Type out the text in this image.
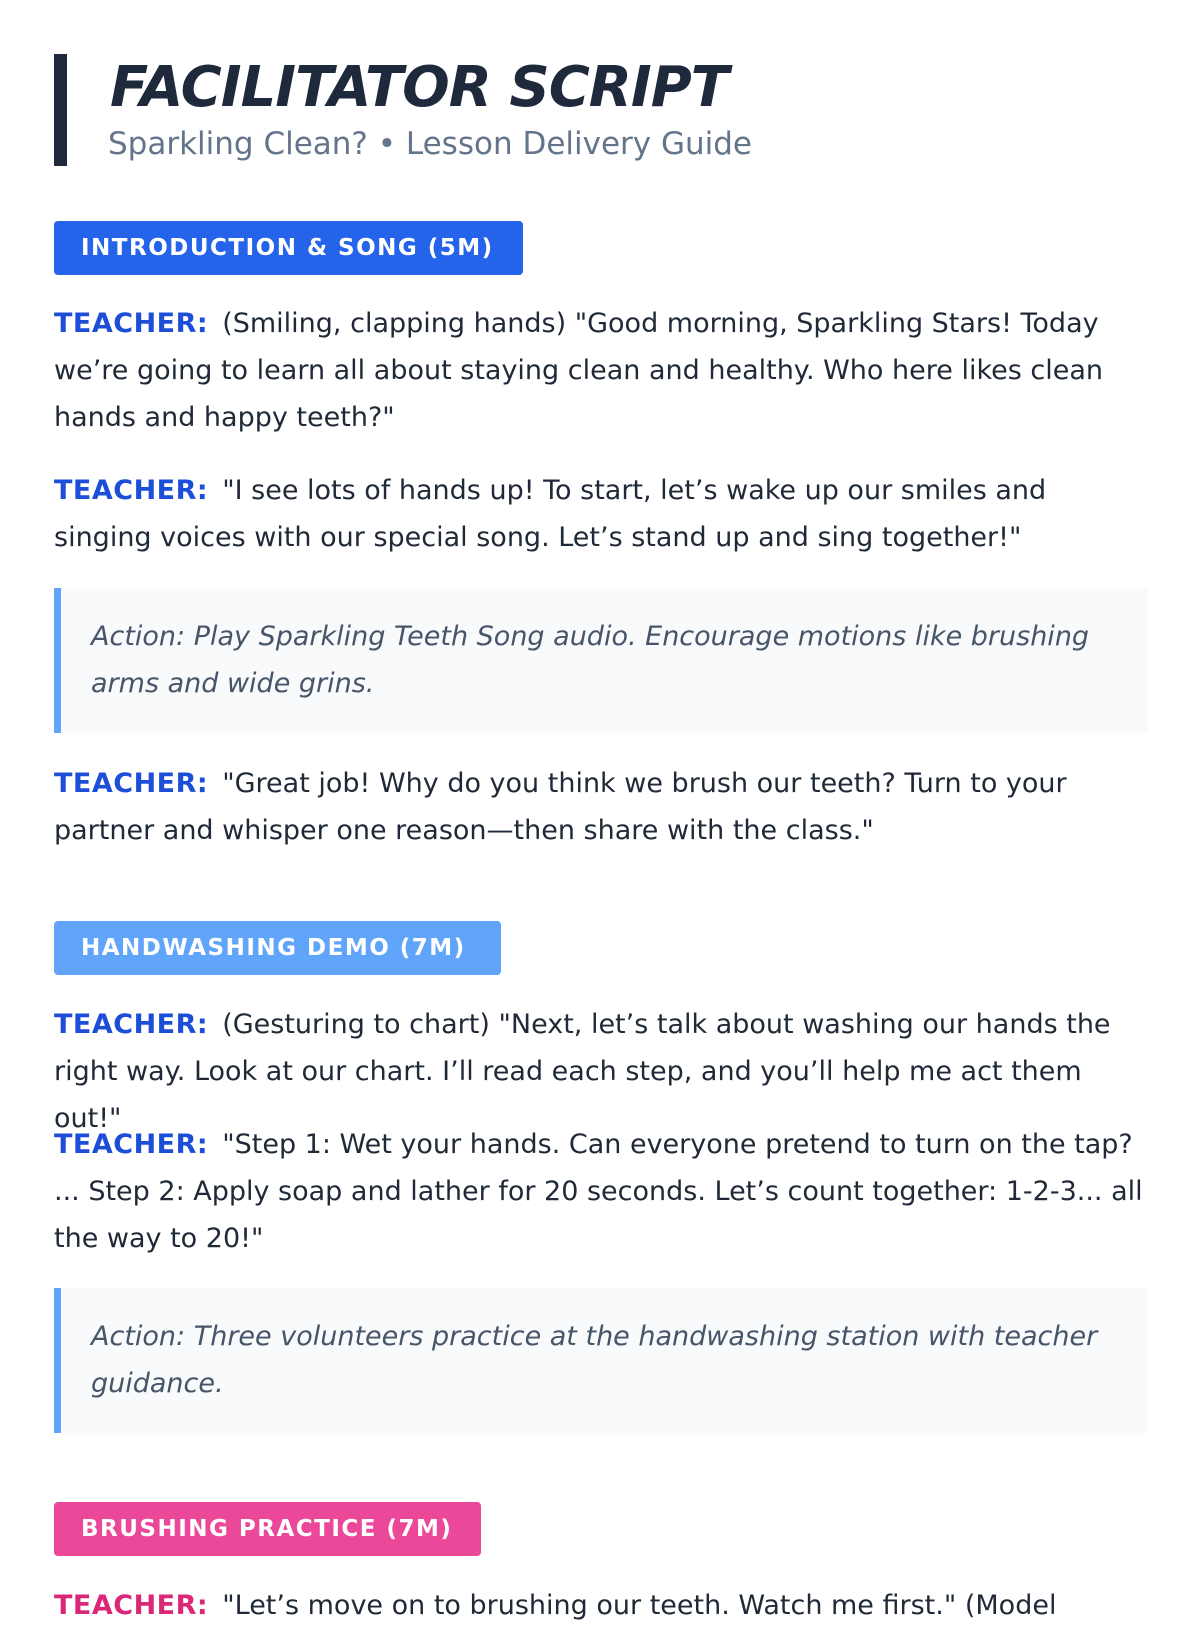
FACILITATOR SCRIPT
Sparkling Clean? • Lesson Delivery Guide
INTRODUCTION & SONG (5M)
TEACHER: (Smiling, clapping hands) "Good morning, Sparkling Stars! Today we’re going to learn all about staying clean and healthy. Who here likes clean hands and happy teeth?"
TEACHER: "I see lots of hands up! To start, let’s wake up our smiles and singing voices with our special song. Let’s stand up and sing together!"
Action: Play Sparkling Teeth Song audio. Encourage motions like brushing arms and wide grins.
TEACHER: "Great job! Why do you think we brush our teeth? Turn to your partner and whisper one reason—then share with the class."
HANDWASHING DEMO (7M)
TEACHER: (Gesturing to chart) "Next, let’s talk about washing our hands the right way. Look at our chart. I’ll read each step, and you’ll help me act them out!"
TEACHER: "Step 1: Wet your hands. Can everyone pretend to turn on the tap? ... Step 2: Apply soap and lather for 20 seconds. Let’s count together: 1-2-3... all the way to 20!"
Action: Three volunteers practice at the handwashing station with teacher guidance.
BRUSHING PRACTICE (7M)
TEACHER: "Let’s move on to brushing our teeth. Watch me first." (Model
